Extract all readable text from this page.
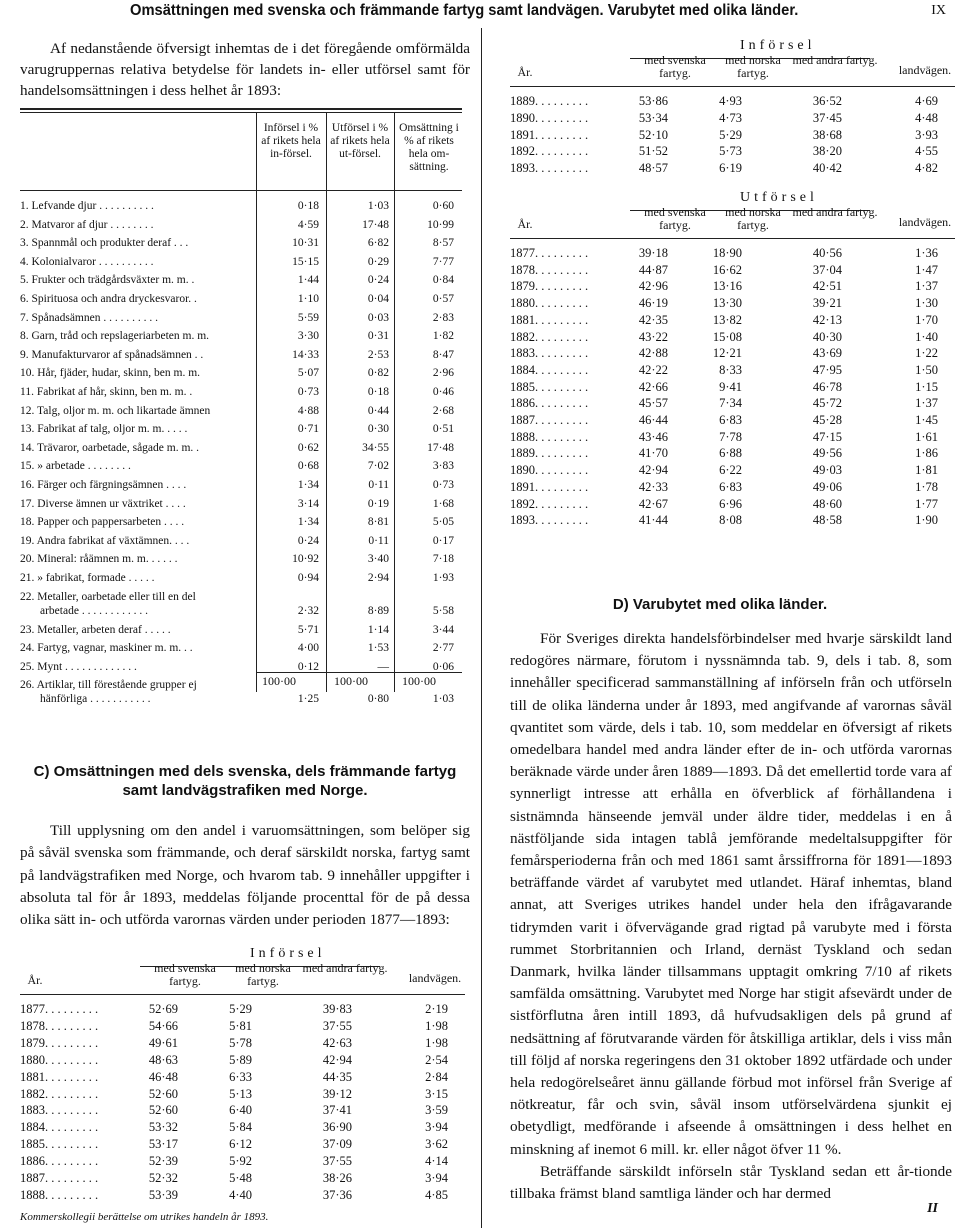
Omsättningen med svenska och främmande fartyg samt landvägen. Varubytet med olika länder.	IX

Af nedanstående öfversigt inhemtas de i det föregående omförmälda varugruppernas relativa betydelse för landets in- eller utförsel samt för handelsomsättningen i dess helhet år 1893:

Införsel i % af rikets hela in-försel.
Utförsel i % af rikets hela ut-försel.
Omsättning i % af rikets hela om-sättning.
1. Lefvande djur . . . . . . . . . .	0·18	1·03	0·60
2. Matvaror af djur . . . . . . . .	4·59	17·48	10·99
3. Spannmål och produkter deraf . . .	10·31	6·82	8·57
4. Kolonialvaror . . . . . . . . . .	15·15	0·29	7·77
5. Frukter och trädgårdsväxter m. m. .	1·44	0·24	0·84
6. Spirituosa och andra dryckesvaror. .	1·10	0·04	0·57
7. Spånadsämnen . . . . . . . . . .	5·59	0·03	2·83
8. Garn, tråd och repslageriarbeten m. m.	3·30	0·31	1·82
9. Manufakturvaror af spånadsämnen . .	14·33	2·53	8·47
10. Hår, fjäder, hudar, skinn, ben m. m.	5·07	0·82	2·96
11. Fabrikat af hår, skinn, ben m. m. .	0·73	0·18	0·46
12. Talg, oljor m. m. och likartade ämnen	4·88	0·44	2·68
13. Fabrikat af talg, oljor m. m. . . . .	0·71	0·30	0·51
14. Trävaror, oarbetade, sågade m. m. .	0·62	34·55	17·48
15. » arbetade . . . . . . . .	0·68	7·02	3·83
16. Färger och färgningsämnen . . . .	1·34	0·11	0·73
17. Diverse ämnen ur växtriket . . . .	3·14	0·19	1·68
18. Papper och pappersarbeten . . . .	1·34	8·81	5·05
19. Andra fabrikat af växtämnen. . . .	0·24	0·11	0·17
20. Mineral: råämnen m. m. . . . . .	10·92	3·40	7·18
21. » fabrikat, formade . . . . .	0·94	2·94	1·93
22. Metaller, oarbetade eller till en del
arbetade . . . . . . . . . . . .	2·32	8·89	5·58
23. Metaller, arbeten deraf . . . . .	5·71	1·14	3·44
24. Fartyg, vagnar, maskiner m. m. . .	4·00	1·53	2·77
25. Mynt . . . . . . . . . . . . .	0·12	—	0·06
26. Artiklar, till förestående grupper ej
hänförliga . . . . . . . . . . .	1·25	0·80	1·03
100·00	100·00	100·00
C) Omsättningen med dels svenska, dels främmande fartyg samt landvägstrafiken med Norge.

Till upplysning om den andel i varuomsättningen, som belöper sig på såväl svenska som främmande, och deraf särskildt norska, fartyg samt på landvägstrafiken med Norge, och hvarom tab. 9 innehåller uppgifter i absoluta tal för år 1893, meddelas följande procenttal för de på dessa olika sätt in- och utförda varornas värden under perioden 1877—1893:

Införsel
År.
med svenska fartyg.
med norska fartyg.
med andra fartyg.
landvägen.
1877. . . . . . . . .	52·69	5·29	39·83	2·19
1878. . . . . . . . .	54·66	5·81	37·55	1·98
1879. . . . . . . . .	49·61	5·78	42·63	1·98
1880. . . . . . . . .	48·63	5·89	42·94	2·54
1881. . . . . . . . .	46·48	6·33	44·35	2·84
1882. . . . . . . . .	52·60	5·13	39·12	3·15
1883. . . . . . . . .	52·60	6·40	37·41	3·59
1884. . . . . . . . .	53·32	5·84	36·90	3·94
1885. . . . . . . . .	53·17	6·12	37·09	3·62
1886. . . . . . . . .	52·39	5·92	37·55	4·14
1887. . . . . . . . .	52·32	5·48	38·26	3·94
1888. . . . . . . . .	53·39	4·40	37·36	4·85
Införsel
År.
med svenska fartyg.
med norska fartyg.
med andra fartyg.
landvägen.
1889. . . . . . . . .	53·86	4·93	36·52	4·69
1890. . . . . . . . .	53·34	4·73	37·45	4·48
1891. . . . . . . . .	52·10	5·29	38·68	3·93
1892. . . . . . . . .	51·52	5·73	38·20	4·55
1893. . . . . . . . .	48·57	6·19	40·42	4·82
Utförsel
År.
med svenska fartyg.
med norska fartyg.
med andra fartyg.
landvägen.
1877. . . . . . . . .	39·18	18·90	40·56	1·36
1878. . . . . . . . .	44·87	16·62	37·04	1·47
1879. . . . . . . . .	42·96	13·16	42·51	1·37
1880. . . . . . . . .	46·19	13·30	39·21	1·30
1881. . . . . . . . .	42·35	13·82	42·13	1·70
1882. . . . . . . . .	43·22	15·08	40·30	1·40
1883. . . . . . . . .	42·88	12·21	43·69	1·22
1884. . . . . . . . .	42·22	8·33	47·95	1·50
1885. . . . . . . . .	42·66	9·41	46·78	1·15
1886. . . . . . . . .	45·57	7·34	45·72	1·37
1887. . . . . . . . .	46·44	6·83	45·28	1·45
1888. . . . . . . . .	43·46	7·78	47·15	1·61
1889. . . . . . . . .	41·70	6·88	49·56	1·86
1890. . . . . . . . .	42·94	6·22	49·03	1·81
1891. . . . . . . . .	42·33	6·83	49·06	1·78
1892. . . . . . . . .	42·67	6·96	48·60	1·77
1893. . . . . . . . .	41·44	8·08	48·58	1·90
Kommerskollegii berättelse om utrikes handeln år 1893.
D) Varubytet med olika länder.

För Sveriges direkta handelsförbindelser med hvarje särskildt land redogöres närmare, förutom i nyssnämnda tab. 9, dels i tab. 8, som innehåller specificerad sammanställning af införseln från och utförseln till de olika länderna under år 1893, med angifvande af varornas såväl qvantitet som värde, dels i tab. 10, som meddelar en öfversigt af rikets omedelbara handel med andra länder efter de in- och utförda varornas beräknade värde under åren 1889—1893. Då det emellertid torde vara af synnerligt intresse att erhålla en öfverblick af förhållandena i sistnämnda hänseende jemväl under äldre tider, meddelas i en å nästföljande sida intagen tablå jemförande medeltalsuppgifter för femårsperioderna från och med 1861 samt årssiffrorna för 1891—1893 beträffande värdet af varubytet med utlandet. Häraf inhemtas, bland annat, att Sveriges utrikes handel under hela den ifrågavarande tidrymden varit i öfvervägande grad rigtad på varubyte med i första rummet Storbritannien och Irland, dernäst Tyskland och sedan Danmark, hvilka länder tillsammans upptagit omkring 7/10 af rikets samfälda omsättning. Varubytet med Norge har stigit afsevärdt under de sistförflutna åren intill 1893, då hufvudsakligen dels på grund af nedsättning af förutvarande värden för åtskilliga artiklar, dels i viss mån till följd af norska regeringens den 31 oktober 1892 utfärdade och under hela redogörelseåret ännu gällande förbud mot införsel från Sverige af nötkreatur, får och svin, såväl insom utförselvärdena sjunkit ej obetydligt, medförande i afseende å omsättningen i dess helhet en minskning af inemot 6 mill. kr. eller något öfver 11 %.

Beträffande särskildt införseln står Tyskland sedan ett år-tionde tillbaka främst bland samtliga länder och har dermed

II
